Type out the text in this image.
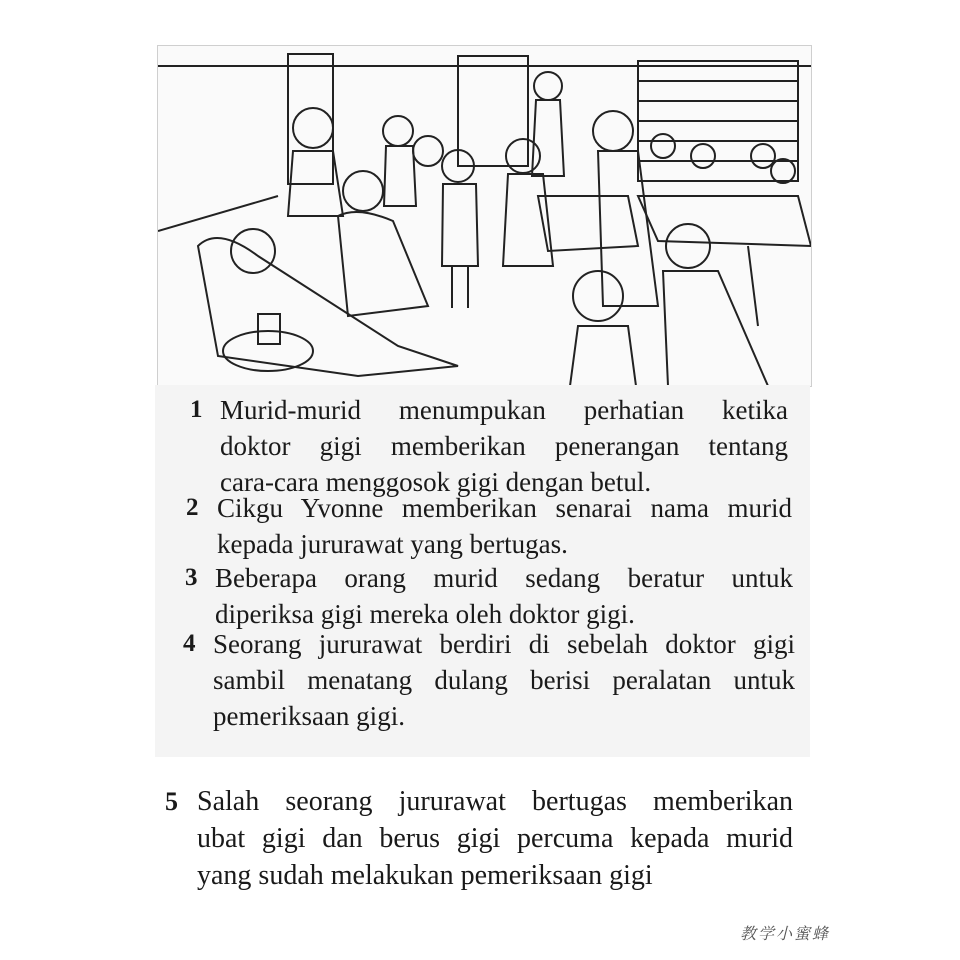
1 Murid-murid menumpukan perhatian ketika
doktor gigi memberikan penerangan tentang
cara-cara menggosok gigi dengan betul.
2 Cikgu Yvonne memberikan senarai nama murid
kepada jururawat yang bertugas.
3 Beberapa orang murid sedang beratur untuk
diperiksa gigi mereka oleh doktor gigi.
4 Seorang jururawat berdiri di sebelah doktor gigi
sambil menatang dulang berisi peralatan untuk
pemeriksaan gigi.
5 Salah seorang jururawat bertugas memberikan
ubat gigi dan berus gigi percuma kepada murid
yang sudah melakukan pemeriksaan gigi
教学小蜜蜂
